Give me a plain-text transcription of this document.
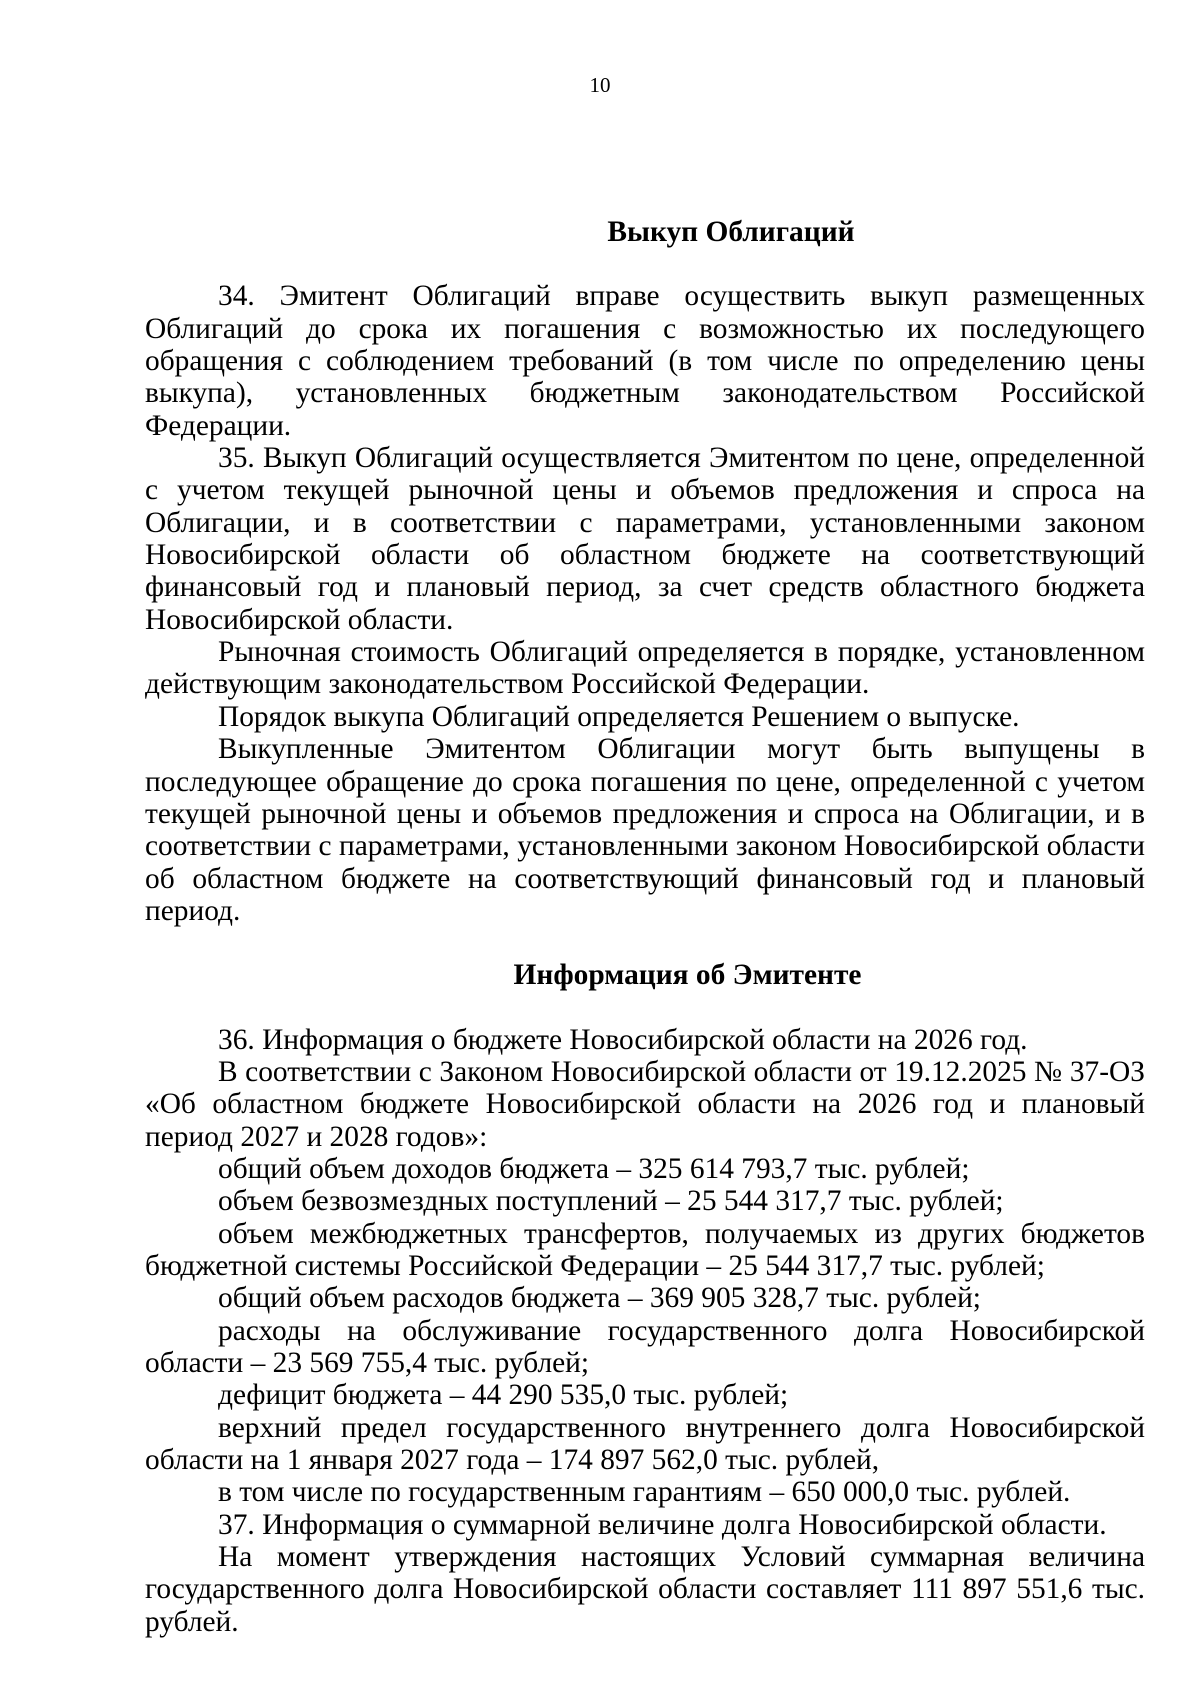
10
Выкуп Облигаций
34. Эмитент Облигаций вправе осуществить выкуп размещенных Облигаций до срока их погашения с возможностью их последующего обращения с соблюдением требований (в том числе по определению цены выкупа), установленных бюджетным законодательством Российской Федерации.
35. Выкуп Облигаций осуществляется Эмитентом по цене, определенной с учетом текущей рыночной цены и объемов предложения и спроса на Облигации, и в соответствии с параметрами, установленными законом Новосибирской области об областном бюджете на соответствующий финансовый год и плановый период, за счет средств областного бюджета Новосибирской области.
Рыночная стоимость Облигаций определяется в порядке, установленном действующим законодательством Российской Федерации.
Порядок выкупа Облигаций определяется Решением о выпуске.
Выкупленные Эмитентом Облигации могут быть выпущены в последующее обращение до срока погашения по цене, определенной с учетом текущей рыночной цены и объемов предложения и спроса на Облигации, и в соответствии с параметрами, установленными законом Новосибирской области об областном бюджете на соответствующий финансовый год и плановый период.
Информация об Эмитенте
36. Информация о бюджете Новосибирской области на 2026 год.
В соответствии с Законом Новосибирской области от 19.12.2025 № 37-ОЗ «Об областном бюджете Новосибирской области на 2026 год и плановый период 2027 и 2028 годов»:
общий объем доходов бюджета – 325 614 793,7 тыс. рублей;
объем безвозмездных поступлений – 25 544 317,7 тыс. рублей;
объем межбюджетных трансфертов, получаемых из других бюджетов бюджетной системы Российской Федерации – 25 544 317,7 тыс. рублей;
общий объем расходов бюджета – 369 905 328,7 тыс. рублей;
расходы на обслуживание государственного долга Новосибирской области – 23 569 755,4 тыс. рублей;
дефицит бюджета – 44 290 535,0 тыс. рублей;
верхний предел государственного внутреннего долга Новосибирской области на 1 января 2027 года – 174 897 562,0 тыс. рублей,
в том числе по государственным гарантиям – 650 000,0 тыс. рублей.
37. Информация о суммарной величине долга Новосибирской области.
На момент утверждения настоящих Условий суммарная величина государственного долга Новосибирской области составляет 111 897 551,6 тыс. рублей.
